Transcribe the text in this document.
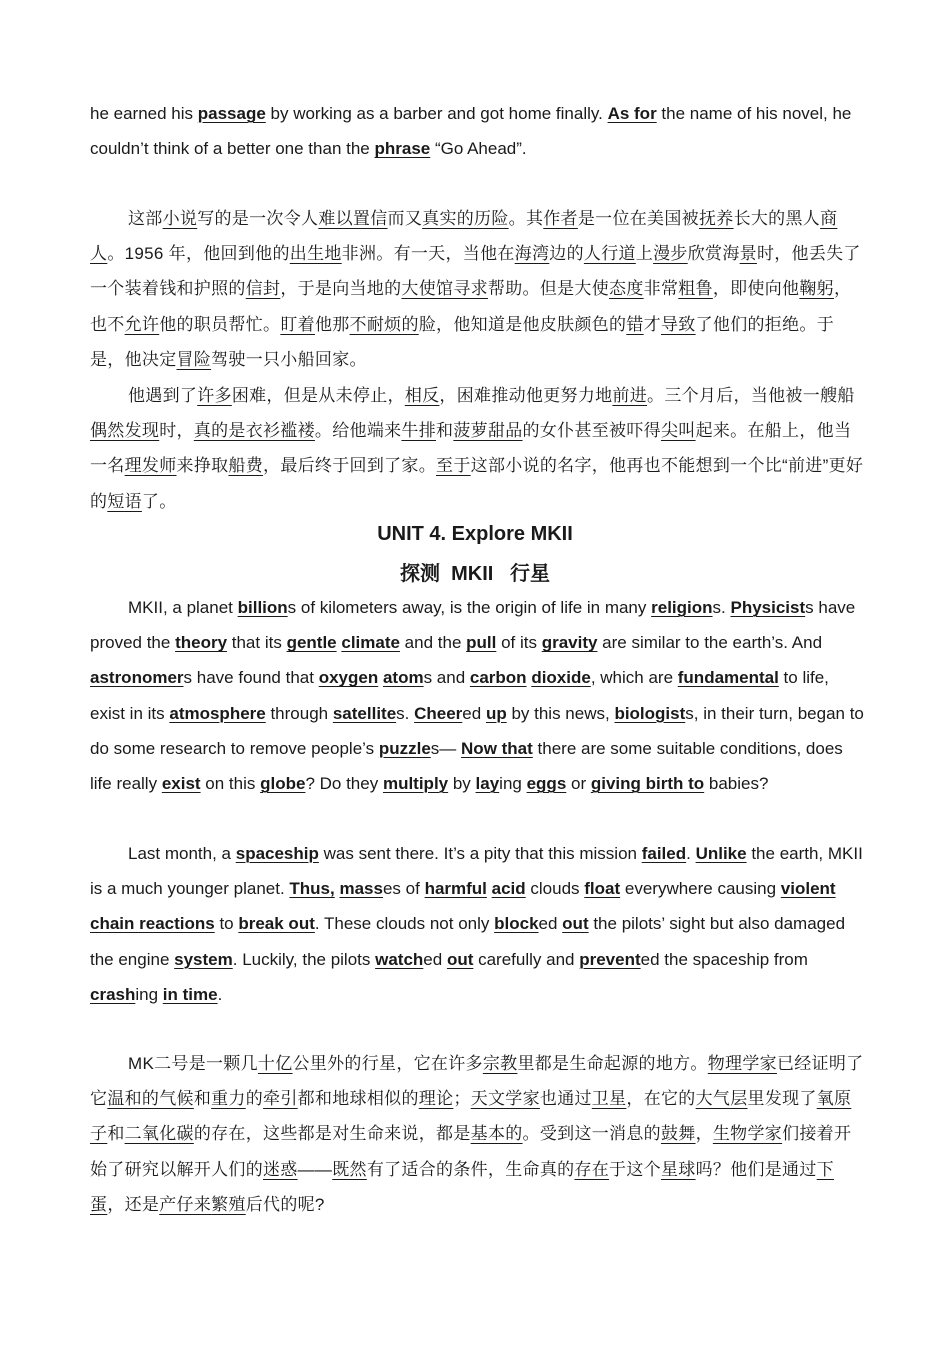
he earned his passage by working as a barber and got home finally. As for the name of his novel, he couldn’t think of a better one than the phrase “Go Ahead”.

这部小说写的是一次令人难以置信而又真实的历险。其作者是一位在美国被抚养长大的黑人商人。1956 年，他回到他的出生地非洲。有一天，当他在海湾边的人行道上漫步欣赏海景时，他丢失了一个装着钱和护照的信封，于是向当地的大使馆寻求帮助。但是大使态度非常粗鲁，即使向他鞠躬，也不允许他的职员帮忙。盯着他那不耐烦的脸，他知道是他皮肤颜色的错才导致了他们的拒绝。于是，他决定冒险驾驶一只小船回家。

他遇到了许多困难，但是从未停止，相反，困难推动他更努力地前进。三个月后，当他被一艘船偶然发现时，真的是衣衫褴褛。给他端来牛排和菠萝甜品的女仆甚至被吓得尖叫起来。在船上，他当一名理发师来挣取船费，最后终于回到了家。至于这部小说的名字，他再也不能想到一个比“前进”更好的短语了。

UNIT 4. Explore MKII
探测 MKII 行星

MKII, a planet billions of kilometers away, is the origin of life in many religions. Physicists have proved the theory that its gentle climate and the pull of its gravity are similar to the earth’s. And astronomers have found that oxygen atoms and carbon dioxide, which are fundamental to life, exist in its atmosphere through satellites. Cheered up by this news, biologists, in their turn, began to do some research to remove people’s puzzles— Now that there are some suitable conditions, does life really exist on this globe? Do they multiply by laying eggs or giving birth to babies?

Last month, a spaceship was sent there. It’s a pity that this mission failed. Unlike the earth, MKII is a much younger planet. Thus, masses of harmful acid clouds float everywhere causing violent chain reactions to break out. These clouds not only blocked out the pilots’ sight but also damaged the engine system. Luckily, the pilots watched out carefully and prevented the spaceship from crashing in time.

MK二号是一颗几十亿公里外的行星，它在许多宗教里都是生命起源的地方。物理学家已经证明了它温和的气候和重力的牵引都和地球相似的理论；天文学家也通过卫星，在它的大气层里发现了氧原子和二氧化碳的存在，这些都是对生命来说，都是基本的。受到这一消息的鼓舞，生物学家们接着开始了研究以解开人们的迷惑——既然有了适合的条件，生命真的存在于这个星球吗？他们是通过下蛋，还是产仔来繁殖后代的呢?
